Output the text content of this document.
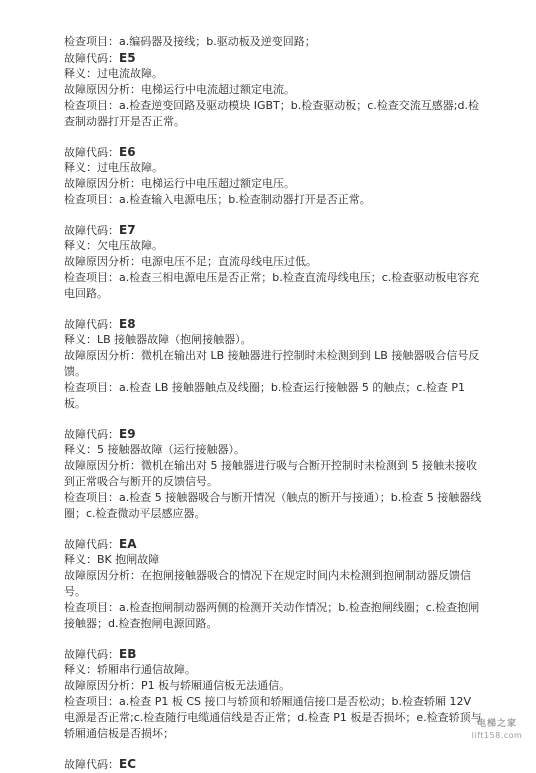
检查项目：a.编码器及接线；b.驱动板及逆变回路；
故障代码：E5
释义：过电流故障。
故障原因分析：电梯运行中电流超过额定电流。
检查项目：a.检查逆变回路及驱动模块 IGBT；b.检查驱动板；c.检查交流互感器;d.检查制动器打开是否正常。
故障代码：E6
释义：过电压故障。
故障原因分析：电梯运行中电压超过额定电压。
检查项目：a.检查输入电源电压；b.检查制动器打开是否正常。
故障代码：E7
释义：欠电压故障。
故障原因分析：电源电压不足；直流母线电压过低。
检查项目：a.检查三相电源电压是否正常；b.检查直流母线电压；c.检查驱动板电容充电回路。
故障代码：E8
释义：LB 接触器故障（抱闸接触器）。
故障原因分析：微机在输出对 LB 接触器进行控制时未检测到到 LB 接触器吸合信号反馈。
检查项目：a.检查 LB 接触器触点及线圈；b.检查运行接触器 5 的触点；c.检查 P1 板。
故障代码：E9
释义：5 接触器故障（运行接触器）。
故障原因分析：微机在输出对 5 接触器进行吸与合断开控制时未检测到 5 接触未接收到正常吸合与断开的反馈信号。
检查项目：a.检查 5 接触器吸合与断开情况（触点的断开与接通）；b.检查 5 接触器线圈；c.检查微动平层感应器。
故障代码：EA
释义：BK 抱闸故障
故障原因分析：在抱闸接触器吸合的情况下在规定时间内未检测到抱闸制动器反馈信号。
检查项目：a.检查抱闸制动器两侧的检测开关动作情况；b.检查抱闸线圈；c.检查抱闸接触器；d.检查抱闸电源回路。
故障代码：EB
释义：轿厢串行通信故障。
故障原因分析：P1 板与轿厢通信板无法通信。
检查项目：a.检查 P1 板 CS 接口与轿顶和轿厢通信接口是否松动；b.检查轿厢 12V 电源是否正常;c.检查随行电缆通信线是否正常；d.检查 P1 板是否损坏；e.检查轿顶与轿厢通信板是否损坏；
故障代码：EC
电梯之家
lift158.com
